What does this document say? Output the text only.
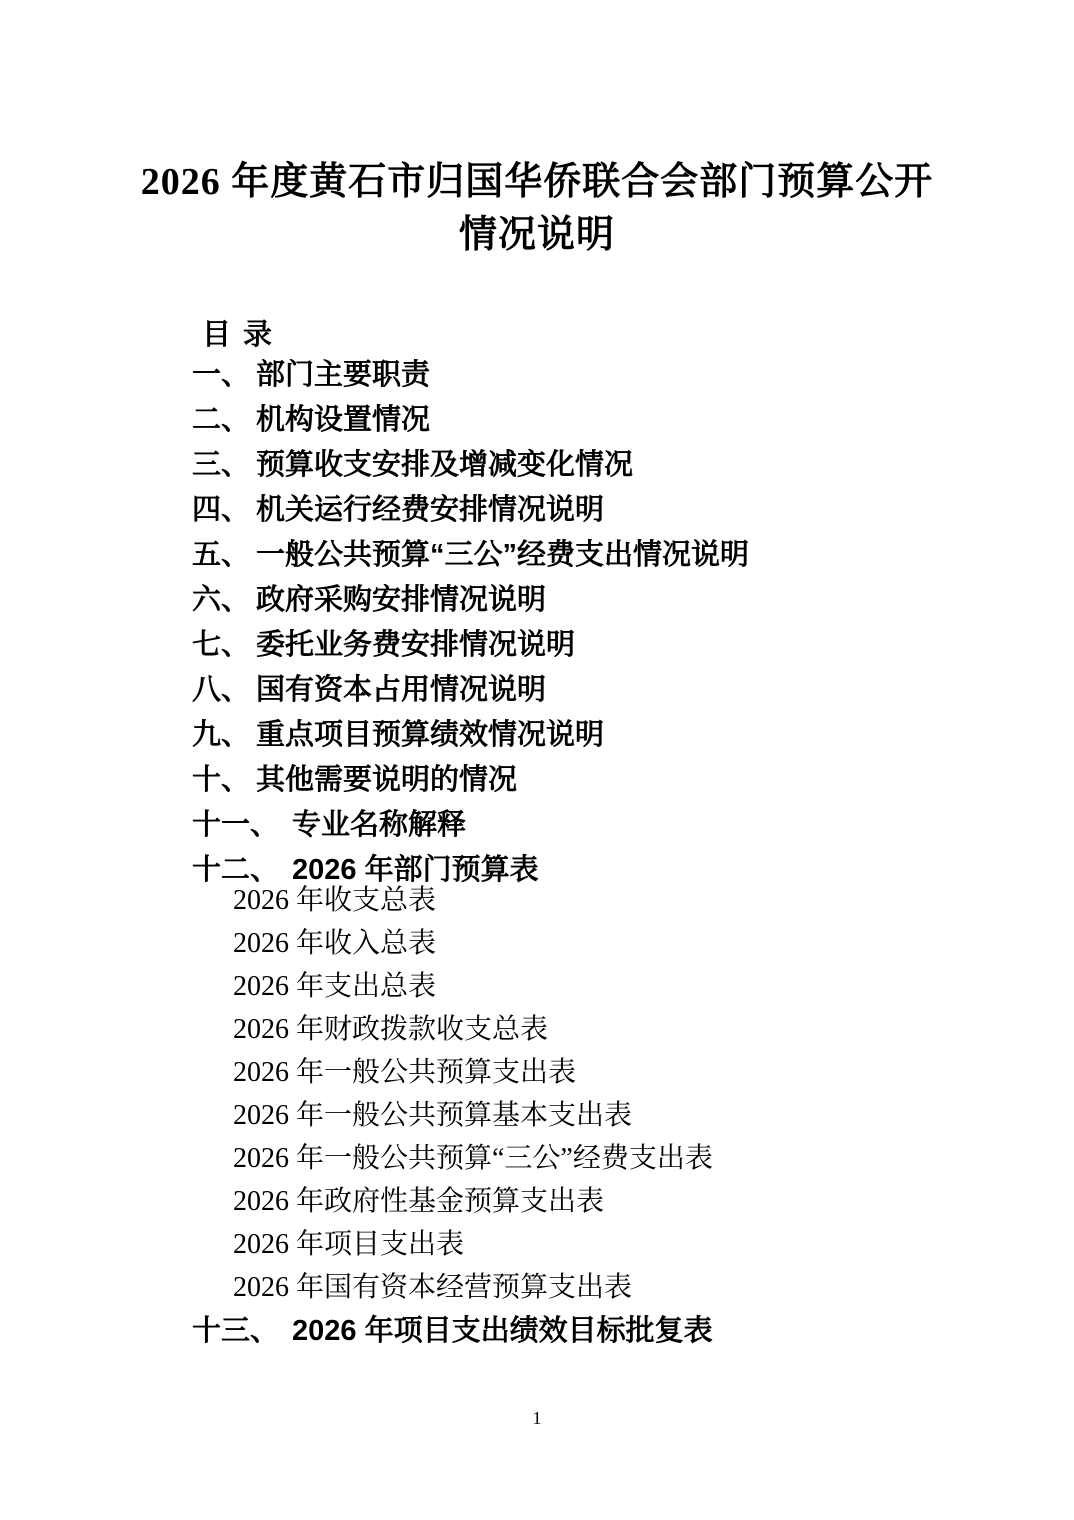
2026 年度黄石市归国华侨联合会部门预算公开
情况说明
目 录
一、 部门主要职责
二、 机构设置情况
三、 预算收支安排及增减变化情况
四、 机关运行经费安排情况说明
五、 一般公共预算“三公”经费支出情况说明
六、 政府采购安排情况说明
七、 委托业务费安排情况说明
八、 国有资本占用情况说明
九、 重点项目预算绩效情况说明
十、 其他需要说明的情况
十一、 专业名称解释
十二、 2026 年部门预算表
2026 年收支总表
2026 年收入总表
2026 年支出总表
2026 年财政拨款收支总表
2026 年一般公共预算支出表
2026 年一般公共预算基本支出表
2026 年一般公共预算“三公”经费支出表
2026 年政府性基金预算支出表
2026 年项目支出表
2026 年国有资本经营预算支出表
十三、 2026 年项目支出绩效目标批复表
1
